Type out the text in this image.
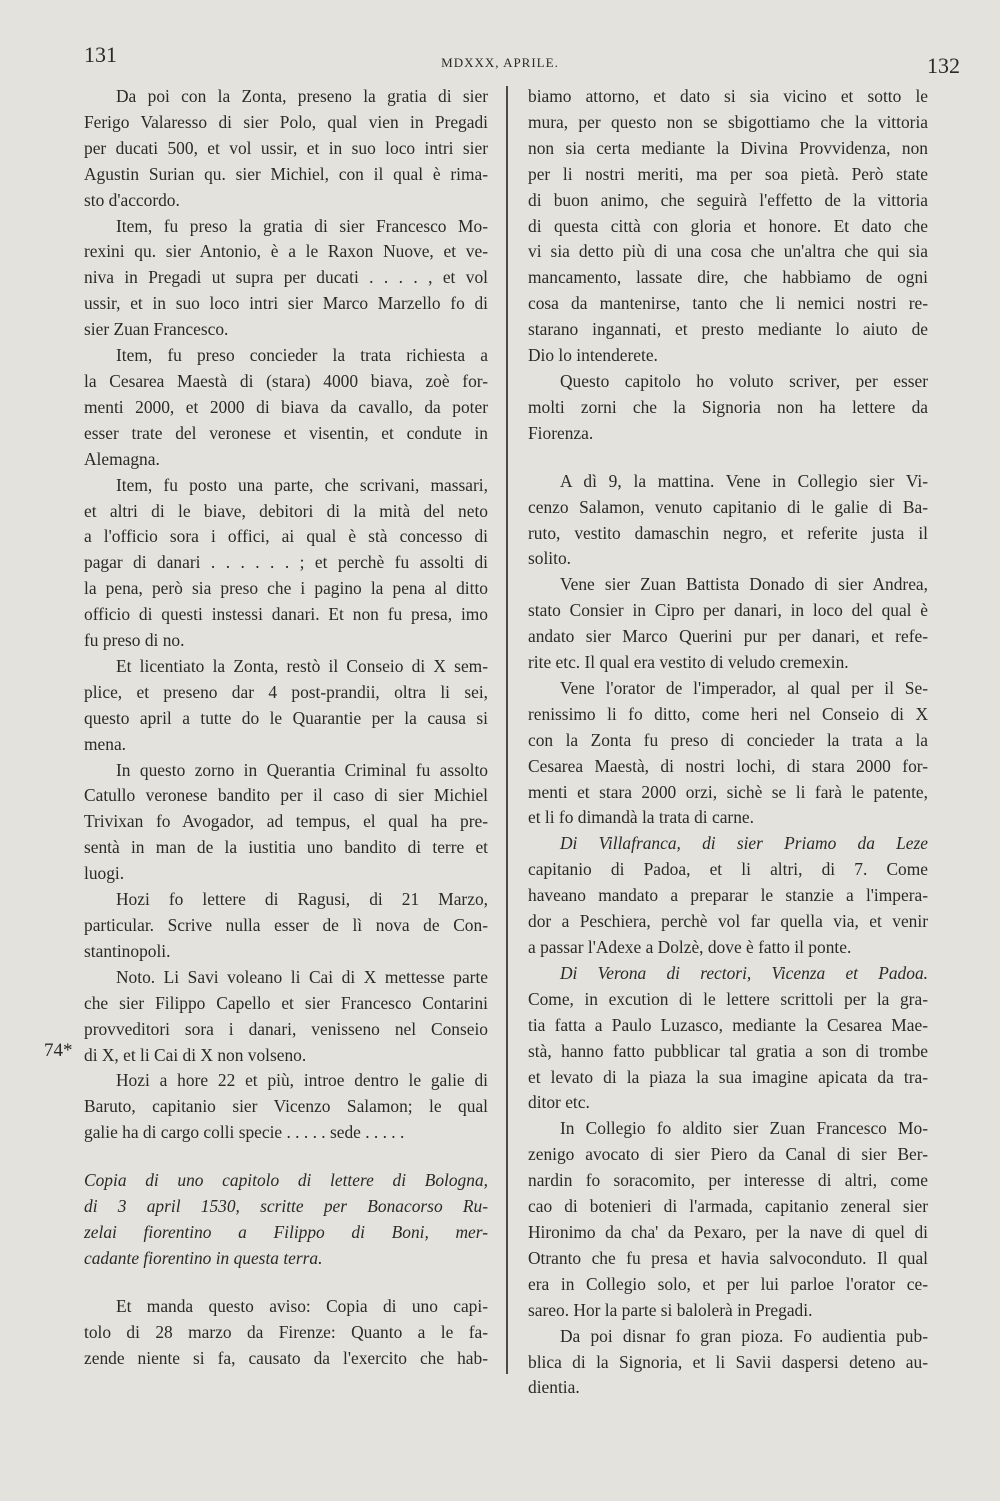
131	MDXXX, APRILE.	132
Da poi con la Zonta, preseno la gratia di sier
Ferigo Valaresso di sier Polo, qual vien in Pregadi
per ducati 500, et vol ussir, et in suo loco intri sier
Agustin Surian qu. sier Michiel, con il qual è rima-
sto d'accordo.
Item, fu preso la gratia di sier Francesco Mo-
rexini qu. sier Antonio, è a le Raxon Nuove, et ve-
niva in Pregadi ut supra per ducati . . . . , et vol
ussir, et in suo loco intri sier Marco Marzello fo di
sier Zuan Francesco.
Item, fu preso concieder la trata richiesta a
la Cesarea Maestà di (stara) 4000 biava, zoè for-
menti 2000, et 2000 di biava da cavallo, da poter
esser trate del veronese et visentin, et condute in
Alemagna.
Item, fu posto una parte, che scrivani, massari,
et altri di le biave, debitori di la mità del neto
a l'officio sora i offici, ai qual è stà concesso di
pagar di danari . . . . . . ; et perchè fu assolti di
la pena, però sia preso che i pagino la pena al ditto
officio di questi instessi danari. Et non fu presa, imo
fu preso di no.
Et licentiato la Zonta, restò il Conseio di X sem-
plice, et preseno dar 4 post-prandii, oltra li sei,
questo april a tutte do le Quarantie per la causa si
mena.
In questo zorno in Querantia Criminal fu assolto
Catullo veronese bandito per il caso di sier Michiel
Trivixan fo Avogador, ad tempus, el qual ha pre-
sentà in man de la iustitia uno bandito di terre et
luogi.
Hozi fo lettere di Ragusi, di 21 Marzo,
particular. Scrive nulla esser de lì nova de Con-
stantinopoli.
Noto. Li Savi voleano li Cai di X mettesse parte
che sier Filippo Capello et sier Francesco Contarini
provveditori sora i danari, venisseno nel Conseio
di X, et li Cai di X non volseno.
Hozi a hore 22 et più, introe dentro le galie di
Baruto, capitanio sier Vicenzo Salamon; le qual
galie ha di cargo colli specie . . . . . sede . . . . .
Copia di uno capitolo di lettere di Bologna,
di 3 april 1530, scritte per Bonacorso Ru-
zelai fiorentino a Filippo di Boni, mer-
cadante fiorentino in questa terra.
Et manda questo aviso: Copia di uno capi-
tolo di 28 marzo da Firenze: Quanto a le fa-
zende niente si fa, causato da l'exercito che hab-
biamo attorno, et dato si sia vicino et sotto le
mura, per questo non se sbigottiamo che la vittoria
non sia certa mediante la Divina Provvidenza, non
per li nostri meriti, ma per soa pietà. Però state
di buon animo, che seguirà l'effetto de la vittoria
di questa città con gloria et honore. Et dato che
vi sia detto più di una cosa che un'altra che qui sia
mancamento, lassate dire, che habbiamo de ogni
cosa da mantenirse, tanto che li nemici nostri re-
starano ingannati, et presto mediante lo aiuto de
Dio lo intenderete.
Questo capitolo ho voluto scriver, per esser
molti zorni che la Signoria non ha lettere da
Fiorenza.
A dì 9, la mattina. Vene in Collegio sier Vi-
cenzo Salamon, venuto capitanio di le galie di Ba-
ruto, vestito damaschin negro, et referite justa il
solito.
Vene sier Zuan Battista Donado di sier Andrea,
stato Consier in Cipro per danari, in loco del qual è
andato sier Marco Querini pur per danari, et refe-
rite etc. Il qual era vestito di veludo cremexin.
Vene l'orator de l'imperador, al qual per il Se-
renissimo li fo ditto, come heri nel Conseio di X
con la Zonta fu preso di concieder la trata a la
Cesarea Maestà, di nostri lochi, di stara 2000 for-
menti et stara 2000 orzi, sichè se li farà le patente,
et li fo dimandà la trata di carne.
Di Villafranca, di sier Priamo da Leze
capitanio di Padoa, et li altri, di 7. Come
haveano mandato a preparar le stanzie a l'impera-
dor a Peschiera, perchè vol far quella via, et venir
a passar l'Adexe a Dolzè, dove è fatto il ponte.
Di Verona di rectori, Vicenza et Padoa.
Come, in excution di le lettere scrittoli per la gra-
tia fatta a Paulo Luzasco, mediante la Cesarea Mae-
stà, hanno fatto pubblicar tal gratia a son di trombe
et levato di la piaza la sua imagine apicata da tra-
ditor etc.
In Collegio fo aldito sier Zuan Francesco Mo-
zenigo avocato di sier Piero da Canal di sier Ber-
nardin fo soracomito, per interesse di altri, come
cao di botenieri di l'armada, capitanio zeneral sier
Hironimo da cha' da Pexaro, per la nave di quel di
Otranto che fu presa et havia salvoconduto. Il qual
era in Collegio solo, et per lui parloe l'orator ce-
sareo. Hor la parte si balolerà in Pregadi.
Da poi disnar fo gran pioza. Fo audientia pub-
blica di la Signoria, et li Savii daspersi deteno au-
dientia.
74*
